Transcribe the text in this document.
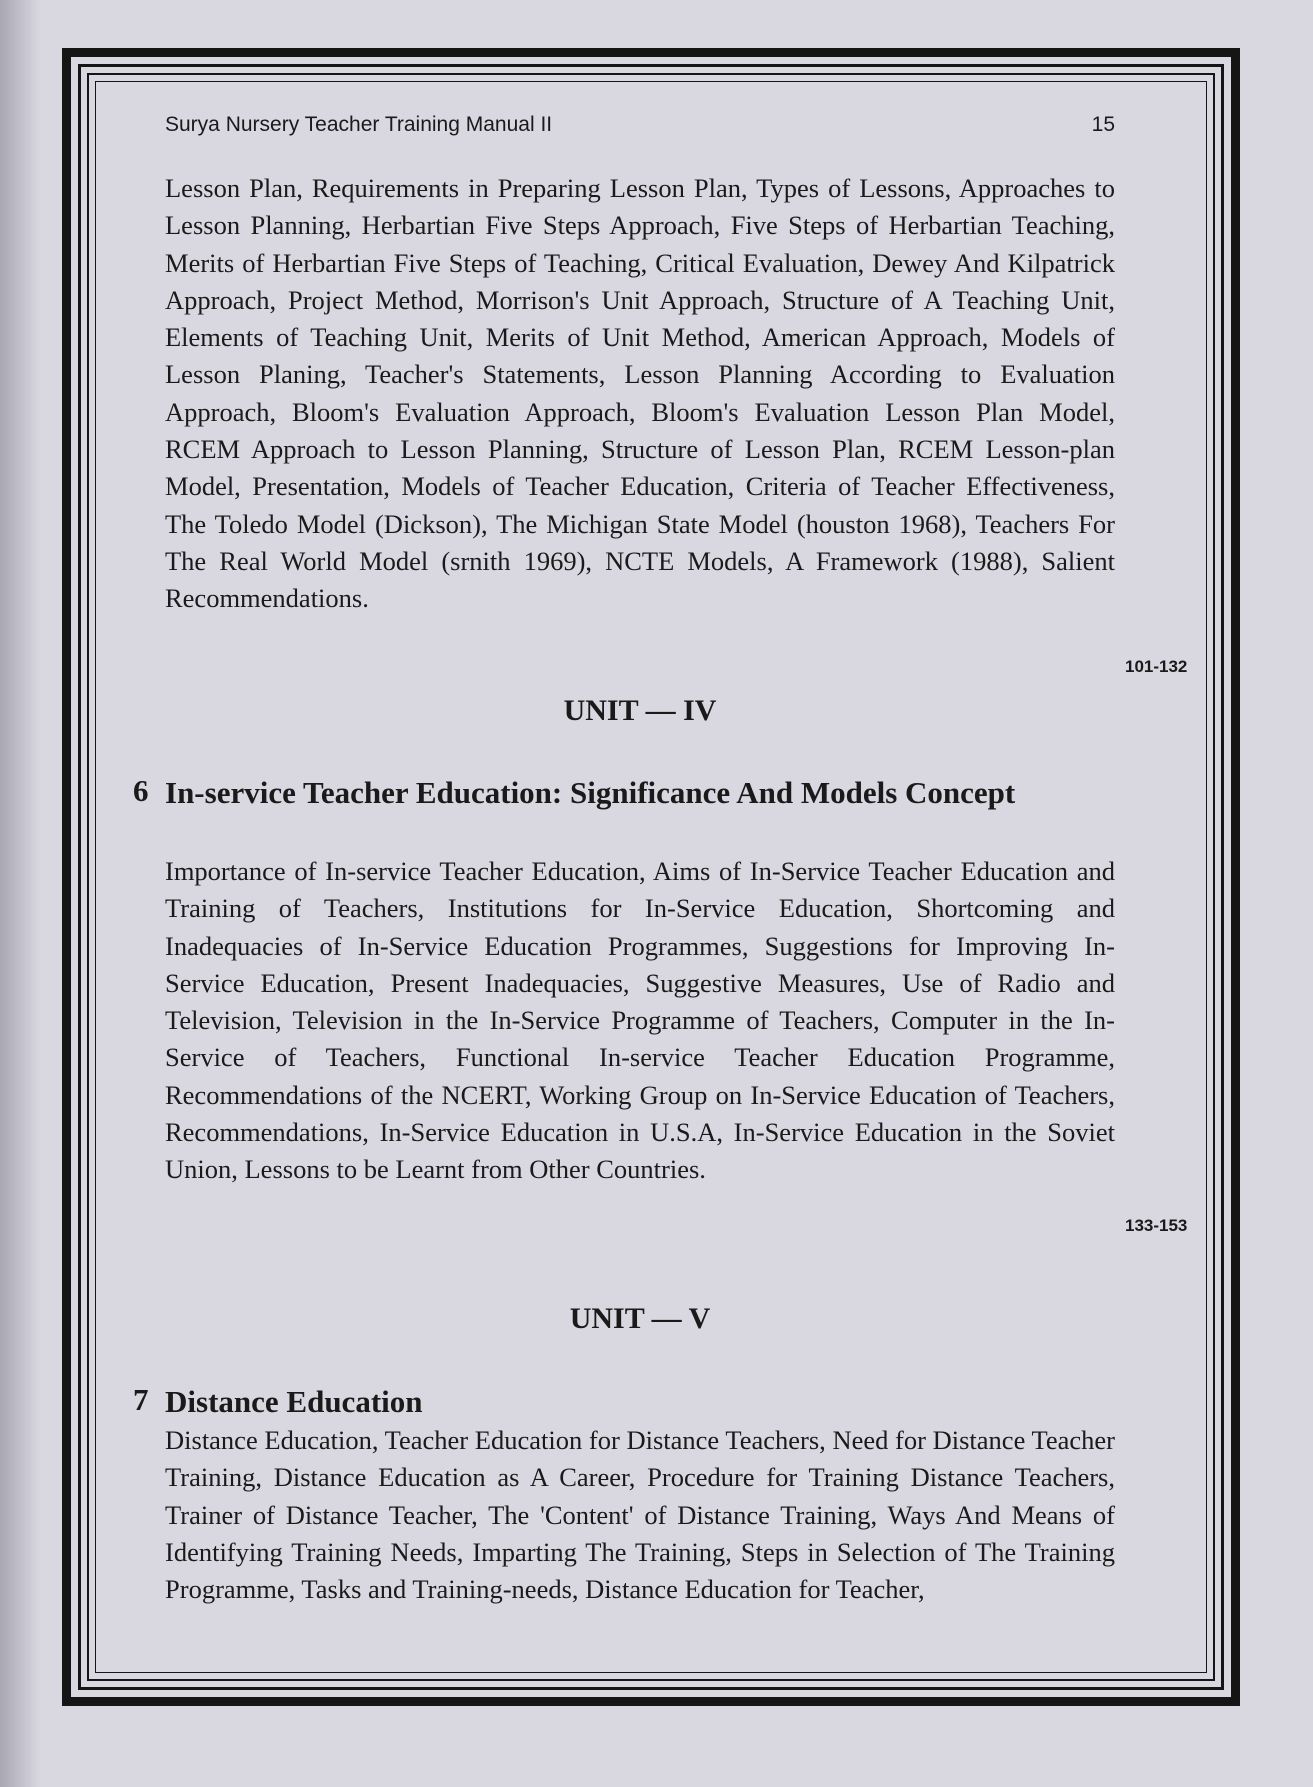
Surya Nursery Teacher Training Manual II	15
Lesson Plan, Requirements in Preparing Lesson Plan, Types of Lessons, Approaches to Lesson Planning, Herbartian Five Steps Approach, Five Steps of Herbartian Teaching, Merits of Herbartian Five Steps of Teaching, Critical Evaluation, Dewey And Kilpatrick Approach, Project Method, Morrison's Unit Approach, Structure of A Teaching Unit, Elements of Teaching Unit, Merits of Unit Method, American Approach, Models of Lesson Planing, Teacher's Statements, Lesson Planning According to Evaluation Approach, Bloom's Evaluation Approach, Bloom's Evaluation Lesson Plan Model, RCEM Approach to Lesson Planning, Structure of Lesson Plan, RCEM Lesson-plan Model, Presentation, Models of Teacher Education, Criteria of Teacher Effectiveness, The Toledo Model (Dickson), The Michigan State Model (houston 1968), Teachers For The Real World Model (srnith 1969), NCTE Models, A Framework (1988), Salient Recommendations.
101-132
UNIT — IV
6 In-service Teacher Education: Significance And Models Concept
Importance of In-service Teacher Education, Aims of In-Service Teacher Education and Training of Teachers, Institutions for In-Service Education, Shortcoming and Inadequacies of In-Service Education Programmes, Suggestions for Improving In-Service Education, Present Inadequacies, Suggestive Measures, Use of Radio and Television, Television in the In-Service Programme of Teachers, Computer in the In-Service of Teachers, Functional In-service Teacher Education Programme, Recommendations of the NCERT, Working Group on In-Service Education of Teachers, Recommendations, In-Service Education in U.S.A, In-Service Education in the Soviet Union, Lessons to be Learnt from Other Countries.
133-153
UNIT — V
7 Distance Education
Distance Education, Teacher Education for Distance Teachers, Need for Distance Teacher Training, Distance Education as A Career, Procedure for Training Distance Teachers, Trainer of Distance Teacher, The 'Content' of Distance Training, Ways And Means of Identifying Training Needs, Imparting The Training, Steps in Selection of The Training Programme, Tasks and Training-needs, Distance Education for Teacher,
